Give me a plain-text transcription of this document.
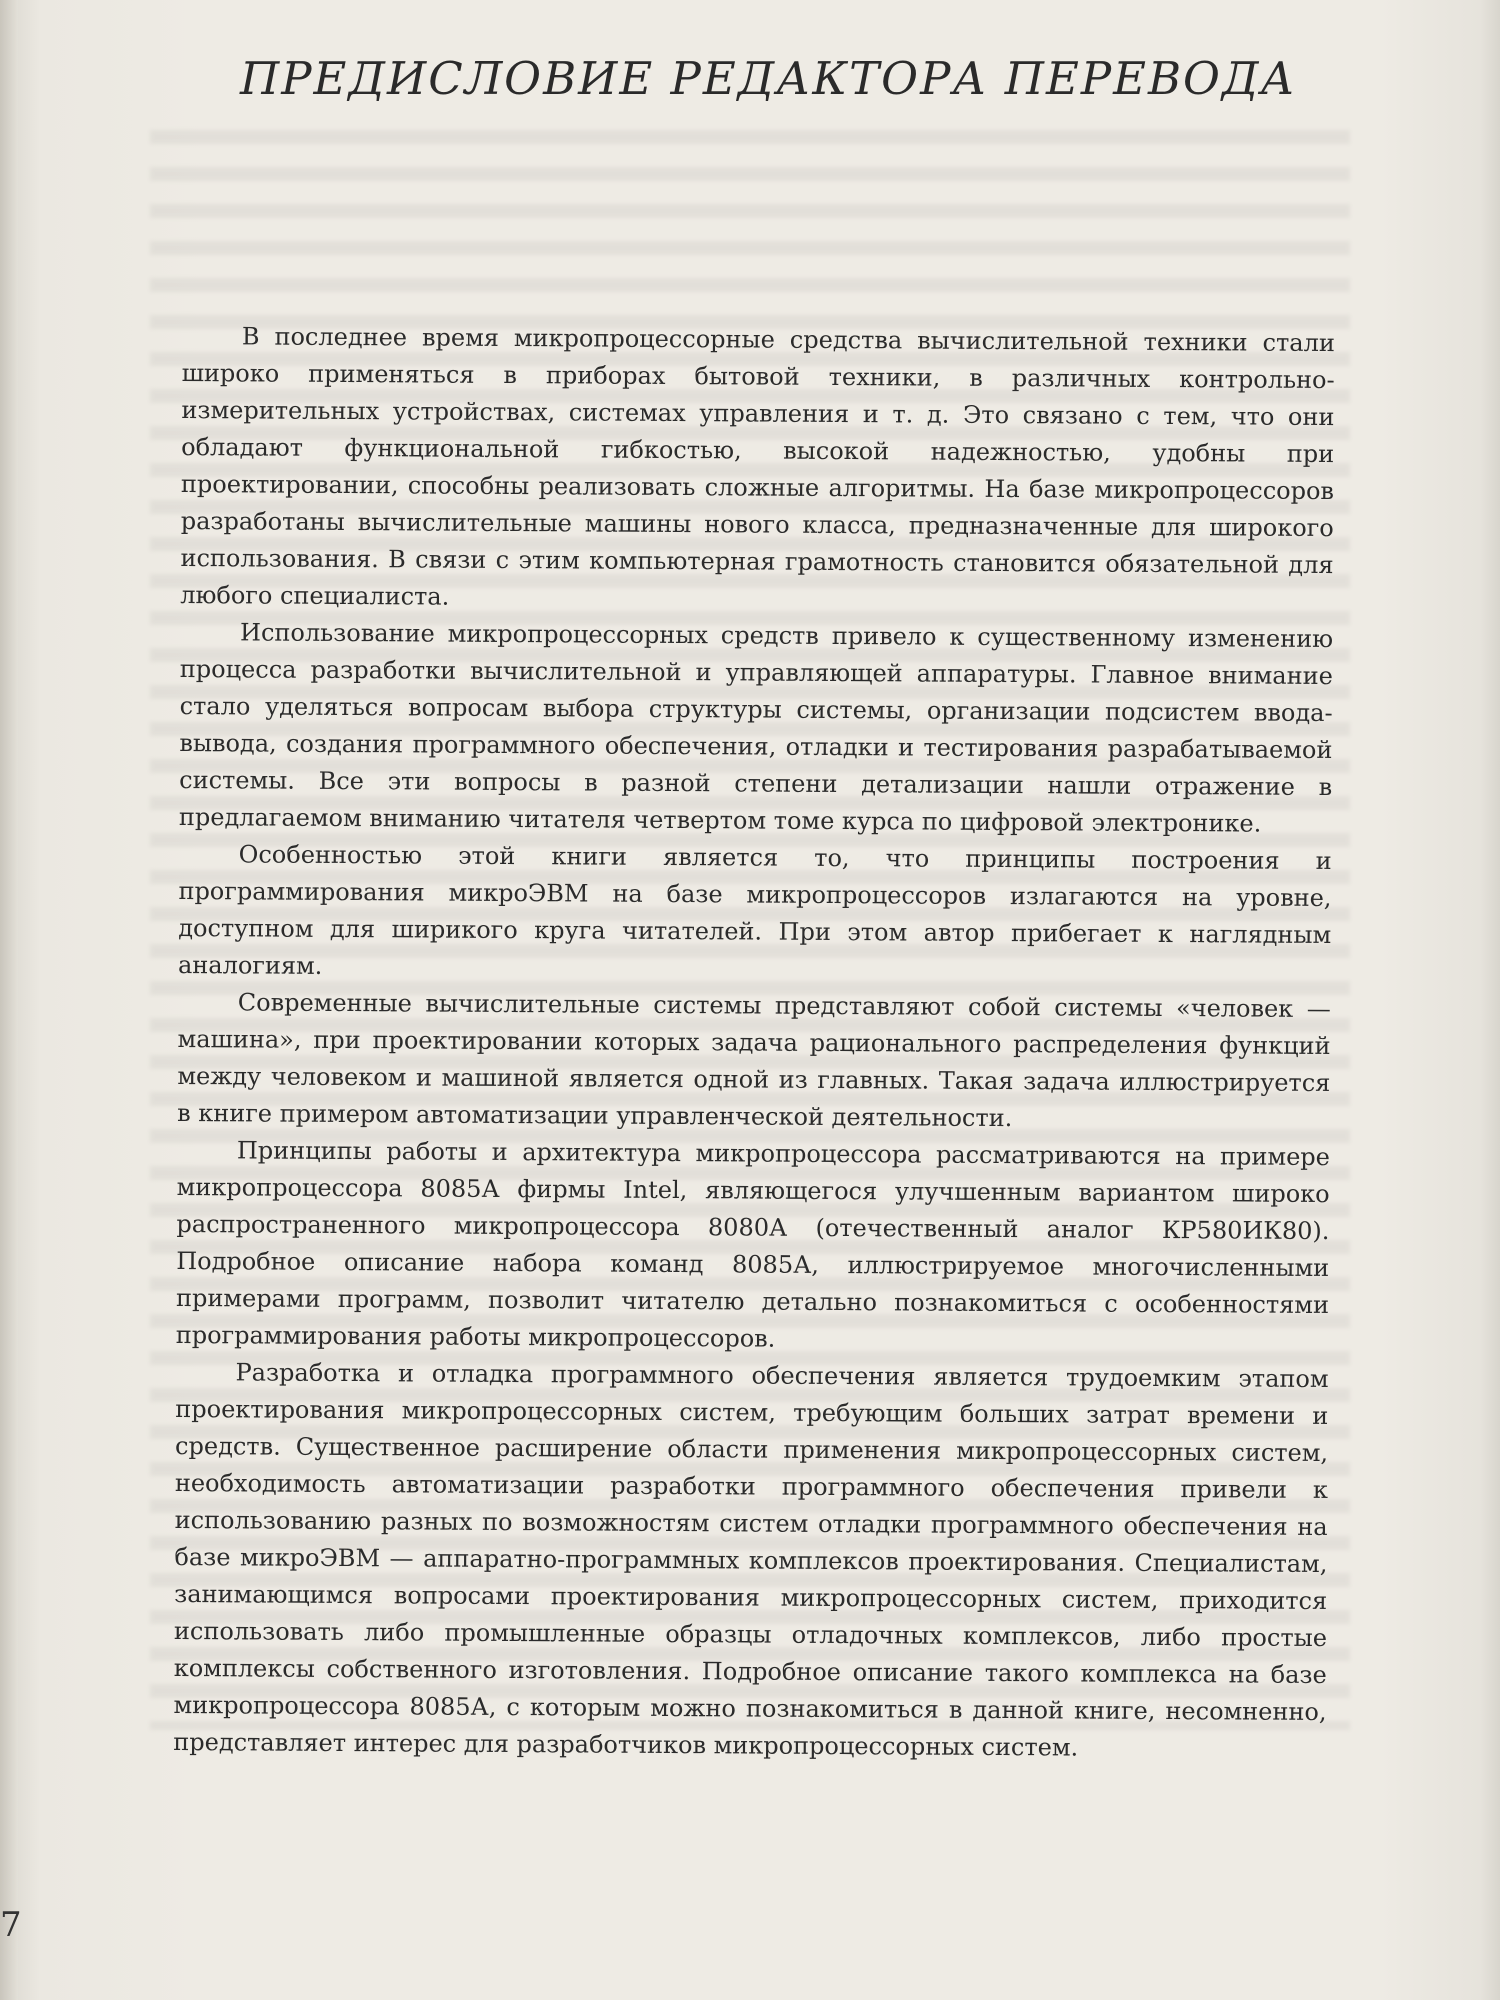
ПРЕДИСЛОВИЕ РЕДАКТОРА ПЕРЕВОДА

В последнее время микропроцессорные средства вычислительной техники стали широко применяться в приборах бытовой техники, в различных контрольно-измерительных устройствах, системах управления и т. д. Это связано с тем, что они обладают функциональной гибкостью, высокой надежностью, удобны при проектировании, способны реализовать сложные алгоритмы. На базе микропроцессоров разработаны вычислительные машины нового класса, предназначенные для широкого использования. В связи с этим компьютерная грамотность становится обязательной для любого специалиста.

Использование микропроцессорных средств привело к существенному изменению процесса разработки вычислительной и управляющей аппаратуры. Главное внимание стало уделяться вопросам выбора структуры системы, организации подсистем ввода-вывода, создания программного обеспечения, отладки и тестирования разрабатываемой системы. Все эти вопросы в разной степени детализации нашли отражение в предлагаемом вниманию читателя четвертом томе курса по цифровой электронике.

Особенностью этой книги является то, что принципы построения и программирования микроЭВМ на базе микропроцессоров излагаются на уровне, доступном для ширикого круга читателей. При этом автор прибегает к наглядным аналогиям.

Современные вычислительные системы представляют собой системы «человек — машина», при проектировании которых задача рационального распределения функций между человеком и машиной является одной из главных. Такая задача иллюстрируется в книге примером автоматизации управленческой деятельности.

Принципы работы и архитектура микропроцессора рассматриваются на примере микропроцессора 8085А фирмы Intel, являющегося улучшенным вариантом широко распространенного микропроцессора 8080А (отечественный аналог КР580ИК80). Подробное описание набора команд 8085А, иллюстрируемое многочисленными примерами программ, позволит читателю детально познакомиться с особенностями программирования работы микропроцессоров.

Разработка и отладка программного обеспечения является трудоемким этапом проектирования микропроцессорных систем, требующим больших затрат времени и средств. Существенное расширение области применения микропроцессорных систем, необходимость автоматизации разработки программного обеспечения привели к использованию разных по возможностям систем отладки программного обеспечения на базе микроЭВМ — аппаратно-программных комплексов проектирования. Специалистам, занимающимся вопросами проектирования микропроцессорных систем, приходится использовать либо промышленные образцы отладочных комплексов, либо простые комплексы собственного изготовления. Подробное описание такого комплекса на базе микропроцессора 8085А, с которым можно познакомиться в данной книге, несомненно, представляет интерес для разработчиков микропроцессорных систем.

7
